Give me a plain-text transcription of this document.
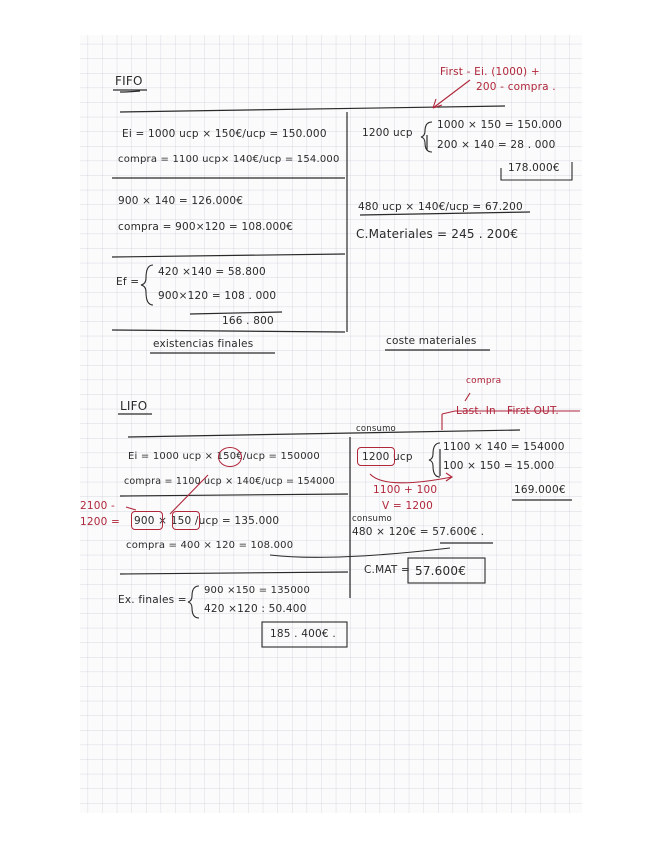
FIFO
First - Ei. (1000) +
200 - compra .
Ei = 1000 ucp × 150€/ucp = 150.000
compra = 1100 ucp× 140€/ucp = 154.000
1200 ucp
1000 × 150 = 150.000
200 × 140 = 28 . 000
178.000€
900 × 140 = 126.000€
compra = 900×120 = 108.000€
480 ucp × 140€/ucp = 67.200
C.Materiales = 245 . 200€
Ef =
420 ×140 = 58.800
900×120 = 108 . 000
166 . 800
existencias finales	coste materiales
LIFO
compra
Last. In - First OUT.
consumo
Ei = 1000 ucp × 150€/ucp = 150000
compra = 1100 ucp × 140€/ucp = 154000
1200 ucp
1100 × 140 = 154000
100 × 150 = 15.000
169.000€
1100 + 100
V = 1200
2100 -
1200 = 900 × 150 /ucp = 135.000	consumo
480 × 120€ = 57.600€ .
compra = 400 × 120 = 108.000
C.MAT = 57.600€
Ex. finales =
900 ×150 = 135000
420 ×120 : 50.400
185 . 400€ .
